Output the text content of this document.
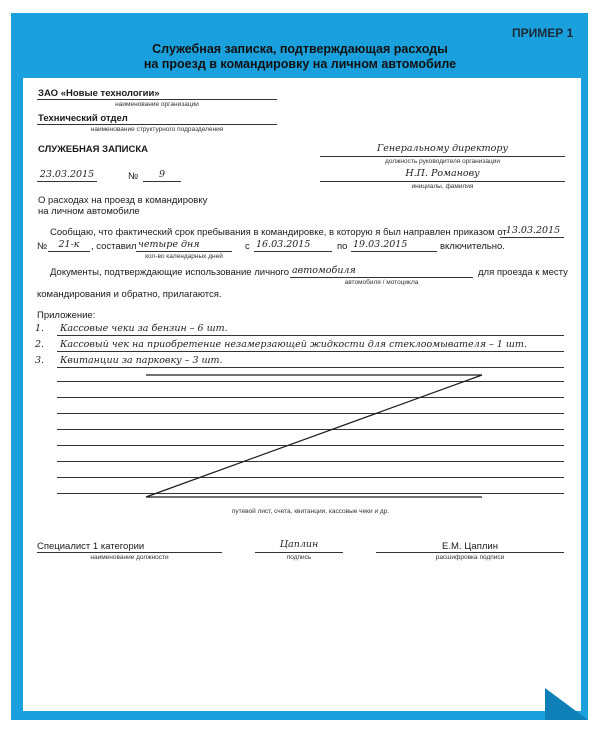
ПРИМЕР 1
Служебная записка, подтверждающая расходы
на проезд в командировку на личном автомобиле
ЗАО «Новые технологии»
наименование организации
Технический отдел
наименование структурного подразделения
СЛУЖЕБНАЯ ЗАПИСКА	Генеральному директору
должность руководителя организации
Н.П. Романову
инициалы, фамилия
23.03.2015	№	9
О расходах на проезд в командировку
на личном автомобиле
Сообщаю, что фактический срок пребывания в командировке, в которую я был направлен приказом от 13.03.2015
№	21-к	, составил четыре дня
кол-во календарных дней
с 16.03.2015	по 19.03.2015	включительно.
Документы, подтверждающие использование личного автомобиля
автомобиля / мотоцикла
для проезда к месту
командирования и обратно, прилагаются.
Приложение:
1. Кассовые чеки за бензин – 6 шт.
2. Кассовый чек на приобретение незамерзающей жидкости для стеклоомывателя – 1 шт.
3. Квитанции за парковку – 3 шт.
путевой лист, счета, квитанции, кассовые чеки и др.
Специалист 1 категории
наименование должности
Цаплин
подпись
Е.М. Цаплин
расшифровка подписи
